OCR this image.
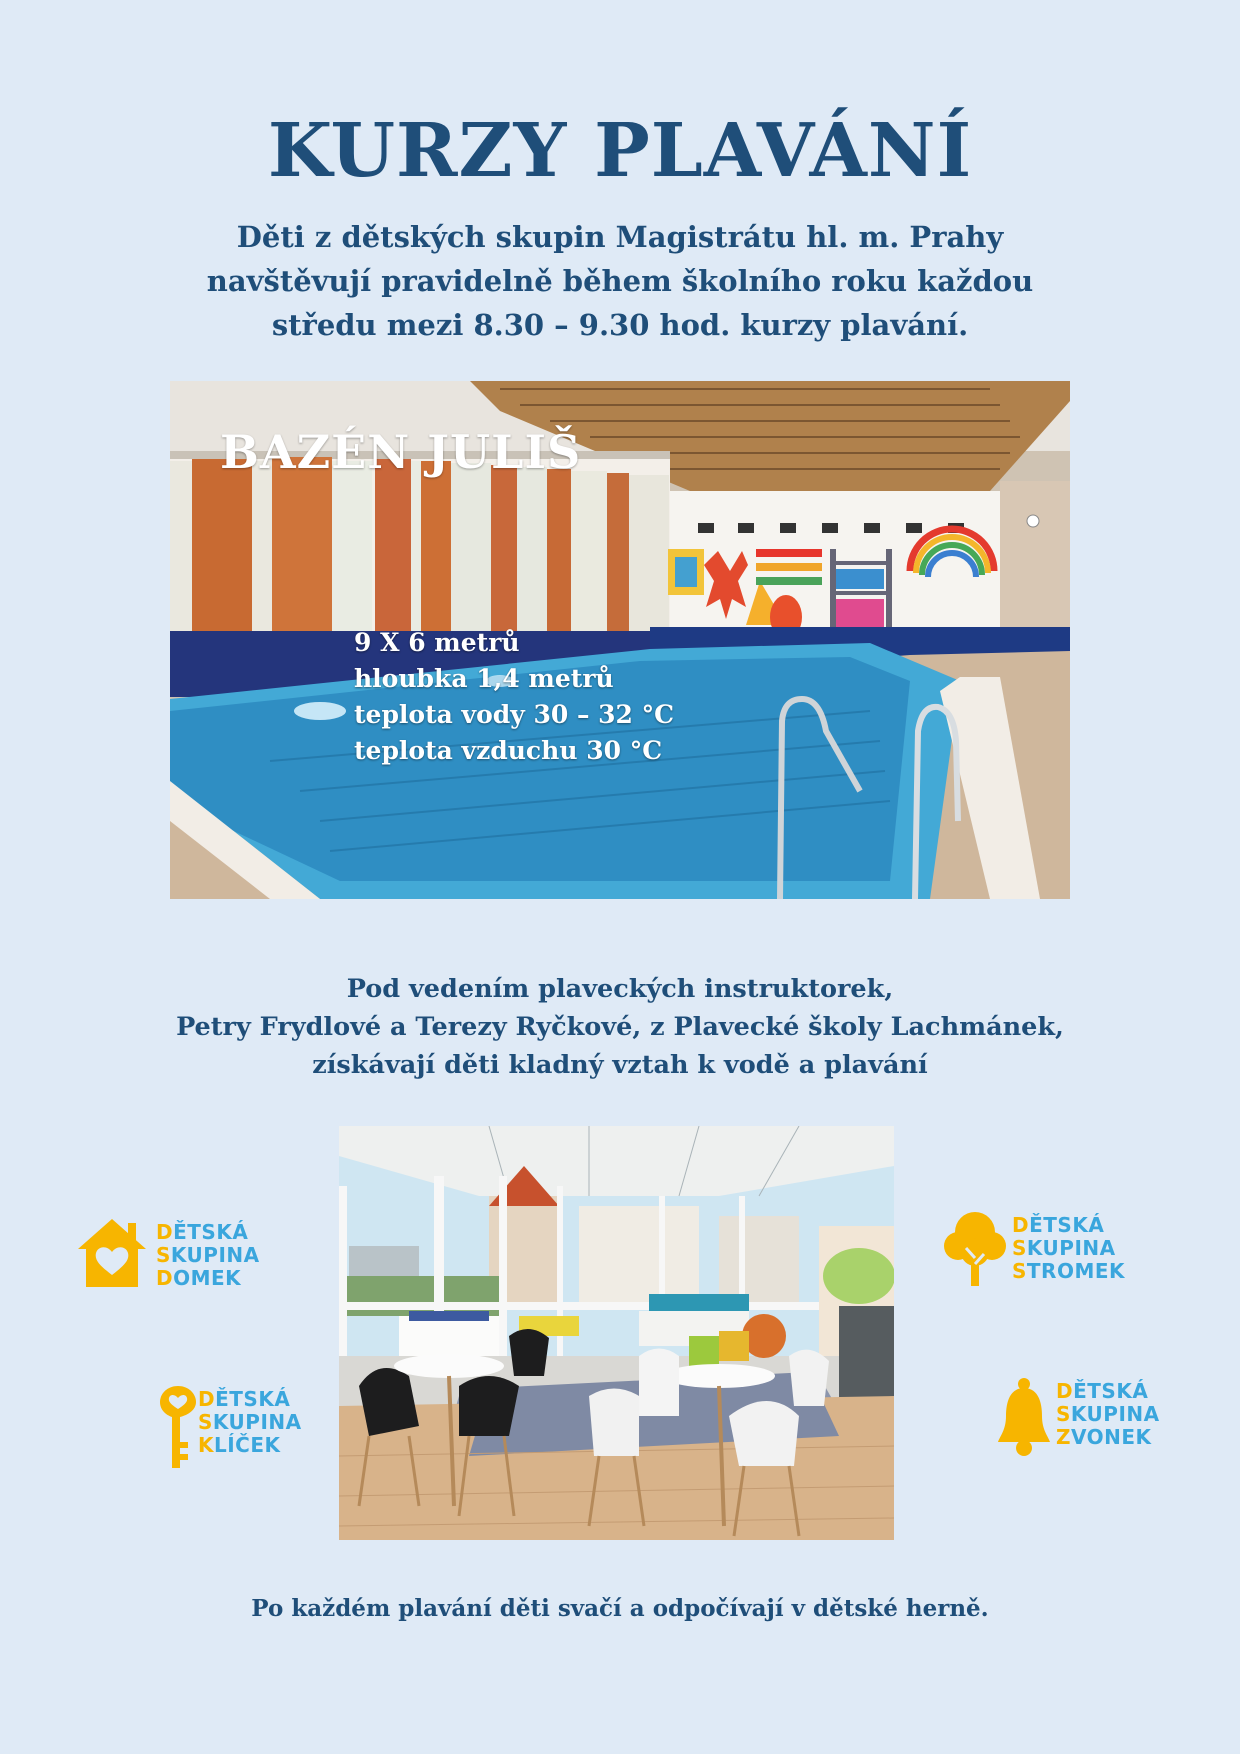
KURZY PLAVÁNÍ
Děti z dětských skupin Magistrátu hl. m. Prahy
navštěvují pravidelně během školního roku každou
středu mezi 8.30 – 9.30 hod. kurzy plavání.
BAZÉN JULIŠ
9 X 6 metrů
hloubka 1,4 metrů
teplota vody 30 – 32 °C
teplota vzduchu 30 °C
Pod vedením plaveckých instruktorek,
Petry Frydlové a Terezy Ryčkové, z Plavecké školy Lachmánek,
získávají děti kladný vztah k vodě a plavání
DĚTSKÁ
SKUPINA
DOMEK
DĚTSKÁ
SKUPINA
KLÍČEK
DĚTSKÁ
SKUPINA
STROMEK
DĚTSKÁ
SKUPINA
ZVONEK
Po každém plavání děti svačí a odpočívají v dětské herně.
